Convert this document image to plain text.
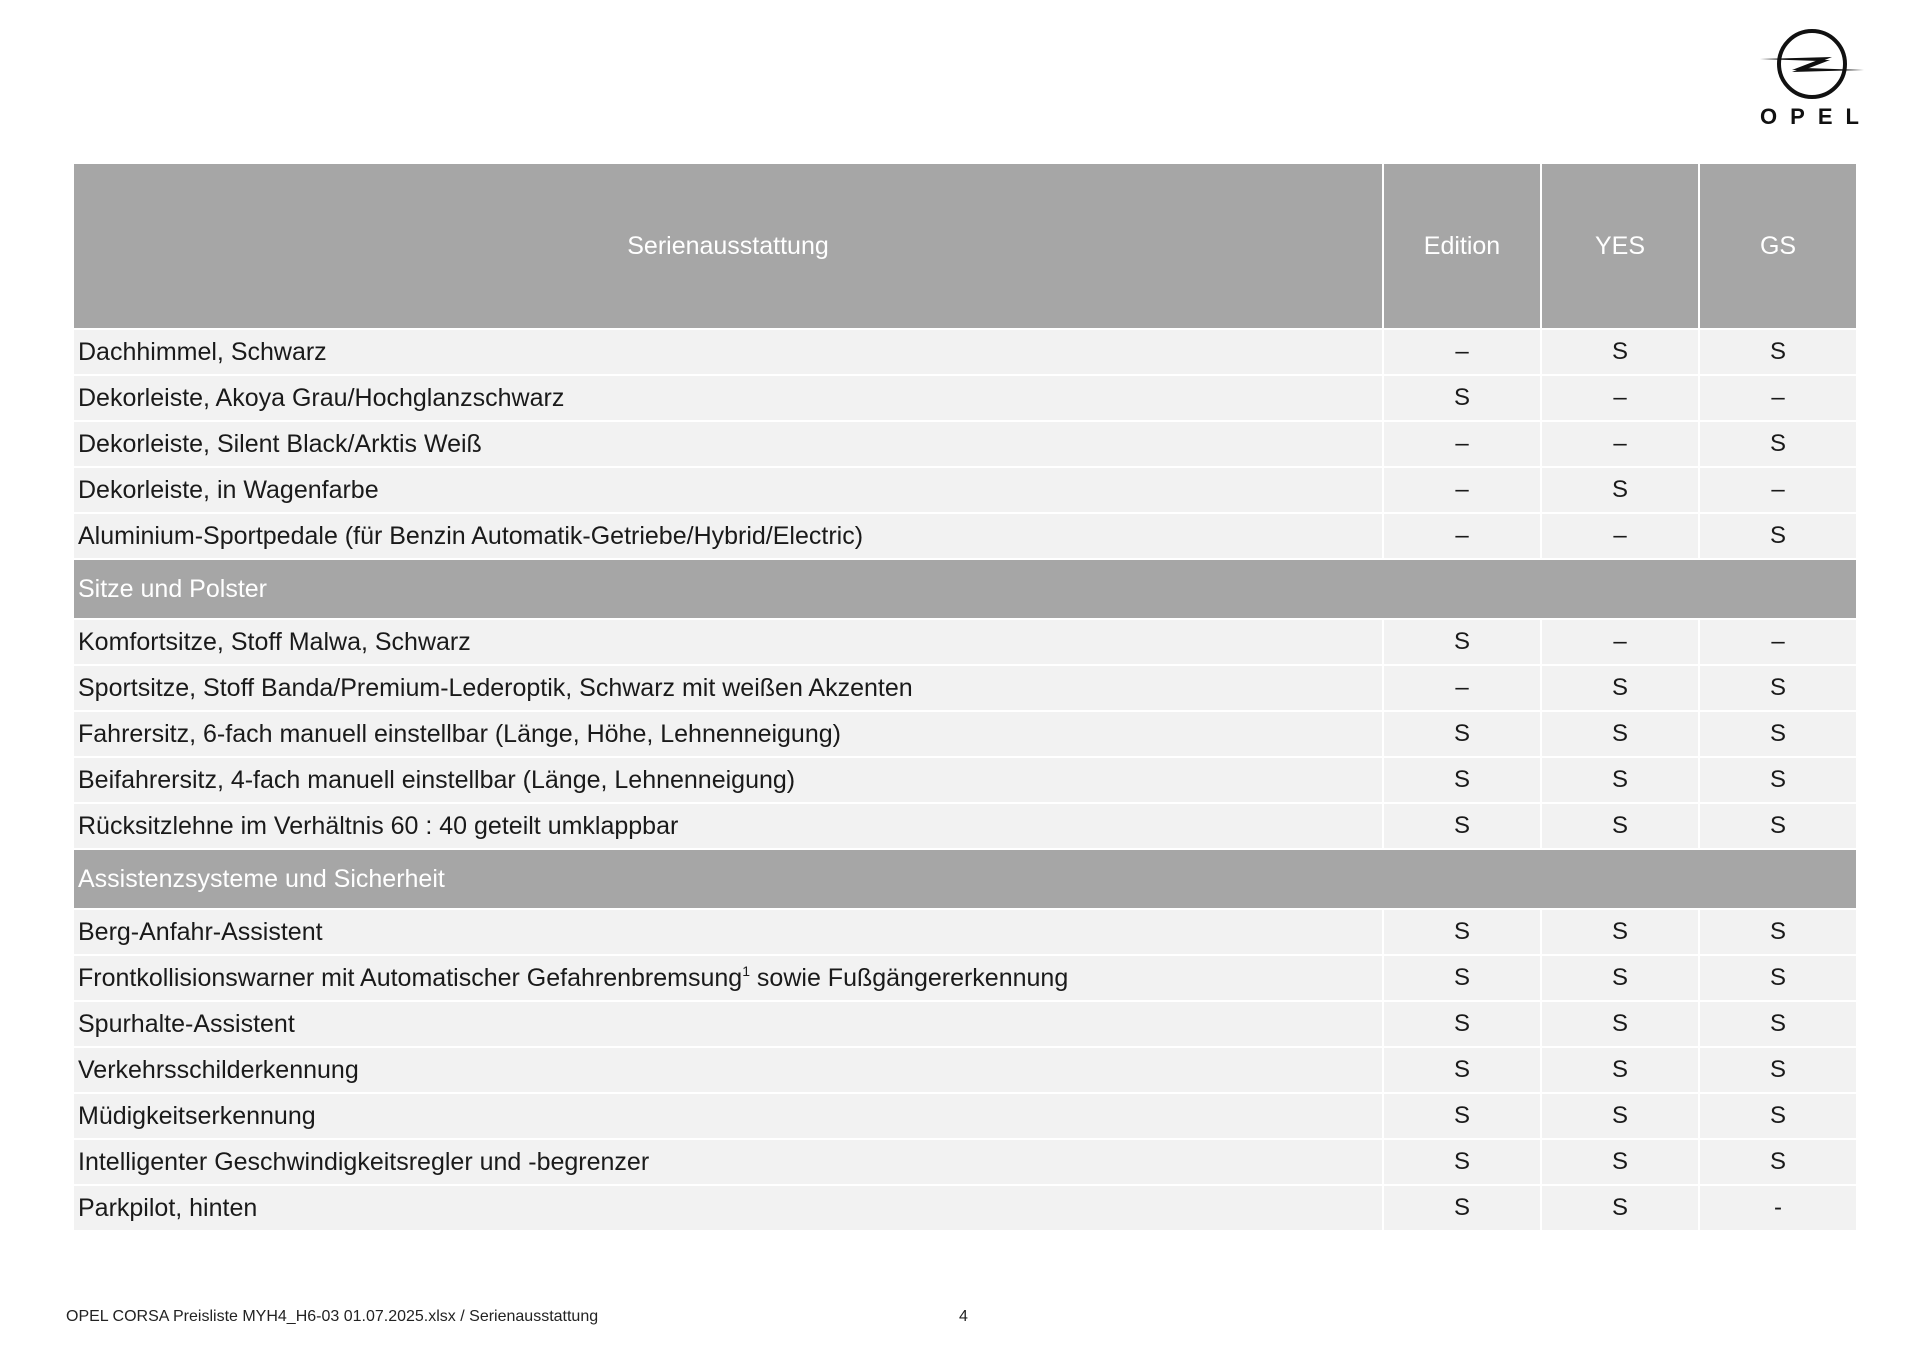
OPEL
Serienausstattung	Edition	YES	GS
Dachhimmel, Schwarz	–	S	S
Dekorleiste, Akoya Grau/Hochglanzschwarz	S	–	–
Dekorleiste, Silent Black/Arktis Weiß	–	–	S
Dekorleiste, in Wagenfarbe	–	S	–
Aluminium-Sportpedale (für Benzin Automatik-Getriebe/Hybrid/Electric)	–	–	S
Sitze und Polster			
Komfortsitze, Stoff Malwa, Schwarz	S	–	–
Sportsitze, Stoff Banda/Premium-Lederoptik, Schwarz mit weißen Akzenten	–	S	S
Fahrersitz, 6-fach manuell einstellbar (Länge, Höhe, Lehnenneigung)	S	S	S
Beifahrersitz, 4-fach manuell einstellbar (Länge, Lehnenneigung)	S	S	S
Rücksitzlehne im Verhältnis 60 : 40 geteilt umklappbar	S	S	S
Assistenzsysteme und Sicherheit			
Berg-Anfahr-Assistent	S	S	S
Frontkollisionswarner mit Automatischer Gefahrenbremsung$^1$ sowie Fußgängererkennung	S	S	S
Spurhalte-Assistent	S	S	S
Verkehrsschilderkennung	S	S	S
Müdigkeitserkennung	S	S	S
Intelligenter Geschwindigkeitsregler und -begrenzer	S	S	S
Parkpilot, hinten	S	S	-
OPEL CORSA Preisliste MYH4_H6-03 01.07.2025.xlsx / Serienausstattung	4
